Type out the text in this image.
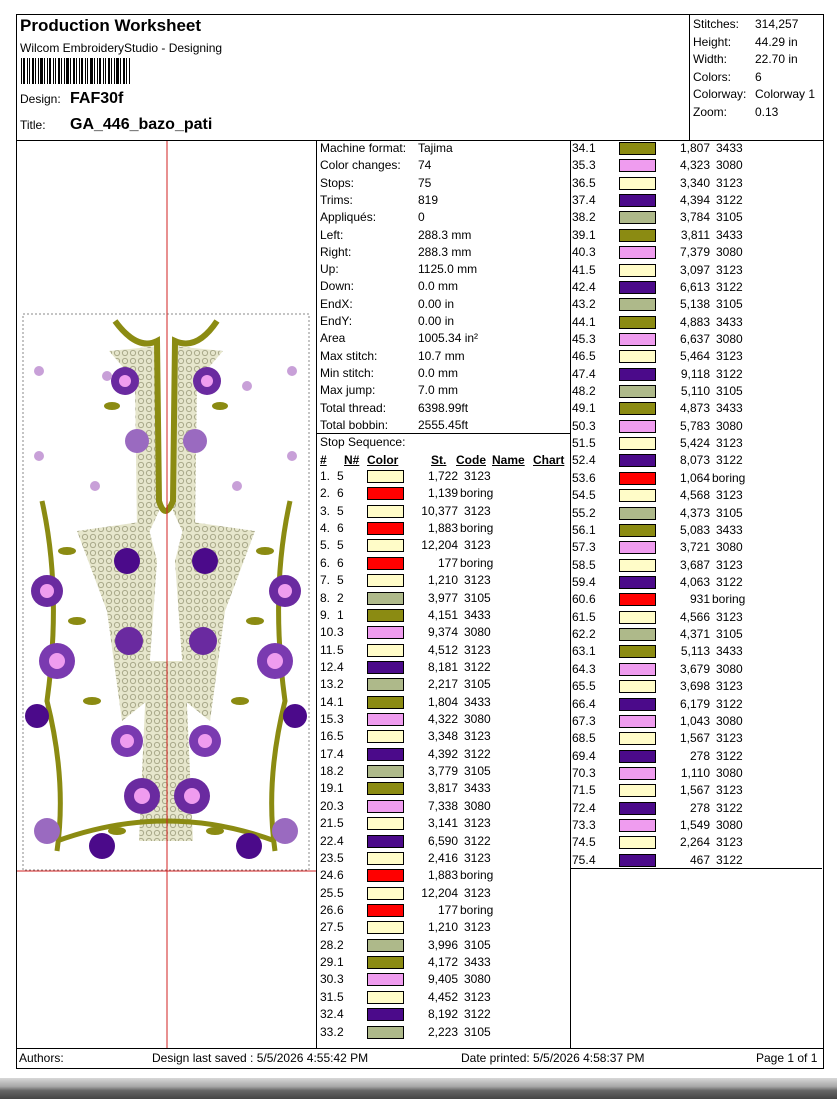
Production Worksheet
Wilcom EmbroideryStudio - Designing
Design: FAF30f
Title: GA_446_bazo_pati
Stitches: 314,257
Height: 44.29 in
Width: 22.70 in
Colors: 6
Colorway: Colorway 1
Zoom: 0.13
Machine format: Tajima
Color changes: 74
Stops:	75
Trims:	819
Appliqués:	0
Left:	288.3 mm
Right:	288.3 mm
Up:	1125.0 mm
Down:	0.0 mm
EndX:	0.00 in
EndY:	0.00 in
Area	1005.34 in²
Max stitch:	10.7 mm
Min stitch:	0.0 mm
Max jump:	7.0 mm
Total thread:	6398.99ft
Total bobbin: 2555.45ft
Stop Sequence:
# N# Color	St. Code Name Chart
1. 5	1,722 3123
2. 6	1,139 boring
3. 5	10,377 3123
4. 6	1,883 boring
5. 5	12,204 3123
6. 6	177 boring
7. 5	1,210 3123
8. 2	3,977 3105
9. 1	4,151 3433
10. 3	9,374 3080
11. 5	4,512 3123
12. 4	8,181 3122
13. 2	2,217 3105
14. 1	1,804 3433
15. 3	4,322 3080
16. 5	3,348 3123
17. 4	4,392 3122
18. 2	3,779 3105
19. 1	3,817 3433
20. 3	7,338 3080
21. 5	3,141 3123
22. 4	6,590 3122
23. 5	2,416 3123
24. 6	1,883 boring
25. 5	12,204 3123
26. 6	177 boring
27. 5	1,210 3123
28. 2	3,996 3105
29. 1	4,172 3433
30. 3	9,405 3080
31. 5	4,452 3123
32. 4	8,192 3122
33. 2	2,223 3105
34. 1	1,807 3433
35. 3	4,323 3080
36. 5	3,340 3123
37. 4	4,394 3122
38. 2	3,784 3105
39. 1	3,811 3433
40. 3	7,379 3080
41. 5	3,097 3123
42. 4	6,613 3122
43. 2	5,138 3105
44. 1	4,883 3433
45. 3	6,637 3080
46. 5	5,464 3123
47. 4	9,118 3122
48. 2	5,110 3105
49. 1	4,873 3433
50. 3	5,783 3080
51. 5	5,424 3123
52. 4	8,073 3122
53. 6	1,064 boring
54. 5	4,568 3123
55. 2	4,373 3105
56. 1	5,083 3433
57. 3	3,721 3080
58. 5	3,687 3123
59. 4	4,063 3122
60. 6	931 boring
61. 5	4,566 3123
62. 2	4,371 3105
63. 1	5,113 3433
64. 3	3,679 3080
65. 5	3,698 3123
66. 4	6,179 3122
67. 3	1,043 3080
68. 5	1,567 3123
69. 4	278 3122
70. 3	1,110 3080
71. 5	1,567 3123
72. 4	278 3122
73. 3	1,549 3080
74. 5	2,264 3123
75. 4	467 3122
Authors:	Design last saved : 5/5/2026 4:55:42 PM	Date printed: 5/5/2026 4:58:37 PM	Page 1 of 1
